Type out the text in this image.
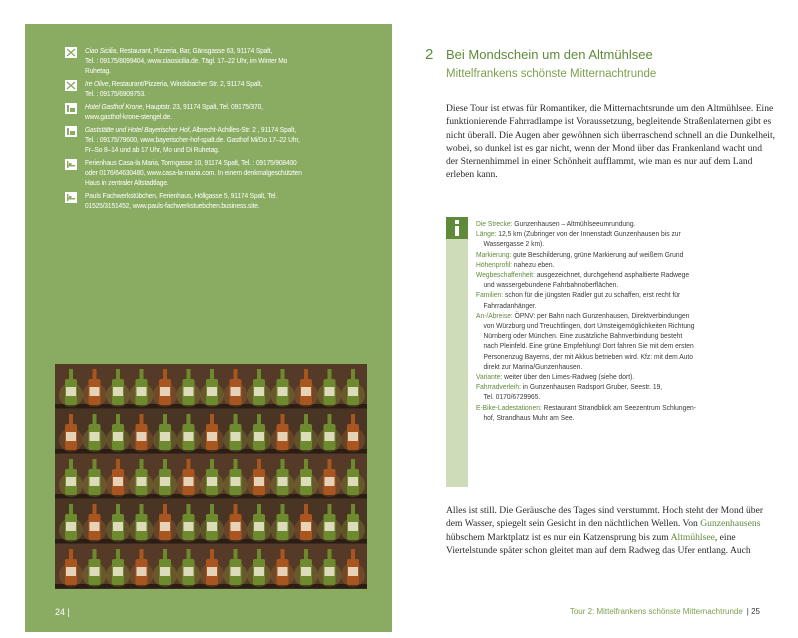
Ciao Sicilia, Restaurant, Pizzeria, Bar, Gänsgasse 63, 91174 Spalt,
Tel. : 09175/8099404, www.ciaosicilia.de. Tägl. 17–22 Uhr, im Winter Mo
Ruhetag.
Ire Olive, Restaurant/Pizzeria, Windsbacher Str. 2, 91174 Spalt,
Tel. : 09175/6909753.
Hotel Gasthof Krone, Hauptstr. 23, 91174 Spalt, Tel. 09175/370,
www.gasthof-krone-stengel.de.
Gaststätte und Hotel Bayerischer Hof, Albrecht-Achilles-Str. 2 , 91174 Spalt,
Tel. : 09175/79600, www.bayerischer-hof-spalt.de. Gasthof Mi/Do 17–22 Uhr,
Fr–So 8–14 und ab 17 Uhr, Mo und Di Ruhetag.
Ferienhaus Casa-la Maria, Torrngasse 10, 91174 Spalt, Tel. : 09175/908400
oder 0176/64630480, www.casa-la-maria.com. In einem denkmalgeschützten
Haus in zentraler Altstadtlage.
Pauls Fachwerkstübchen, Ferienhaus, Höllgasse 5, 91174 Spalt, Tel.
01525/3151452, www.pauls-fachwerkstuebchen.business.site.
24 |
2 Bei Mondschein um den Altmühlsee
Mittelfrankens schönste Mitternachtrunde
Diese Tour ist etwas für Romantiker, die Mitternachtsrunde um den Altmühlsee. Eine funktionierende Fahrradlampe ist Voraussetzung, begleitende Straßenlaternen gibt es nicht überall. Die Augen aber gewöhnen sich überraschend schnell an die Dunkelheit, wobei, so dunkel ist es gar nicht, wenn der Mond über das Frankenland wacht und der Sternenhimmel in einer Schönheit aufflammt, wie man es nur auf dem Land erleben kann.
Die Strecke: Gunzenhausen – Altmühlseeumrundung.
Länge: 12,5 km (Zubringer von der Innenstadt Gunzenhausen bis zur
Wassergasse 2 km).
Markierung: gute Beschilderung, grüne Markierung auf weißem Grund
Höhenprofil: nahezu eben.
Wegbeschaffenheit: ausgezeichnet, durchgehend asphaltierte Radwege
und wassergebundene Fahrbahnoberflächen.
Familien: schon für die jüngsten Radler gut zu schaffen, erst recht für
Fahrradanhänger.
An-/Abreise: ÖPNV: per Bahn nach Gunzenhausen, Direktverbindungen
von Würzburg und Treuchtlingen, dort Umsteigemöglichkeiten Richtung
Nürnberg oder München. Eine zusätzliche Bahnverbindung besteht
nach Pleinfeld. Eine grüne Empfehlung! Dort fahren Sie mit dem ersten
Personenzug Bayerns, der mit Akkus betrieben wird. Kfz: mit dem Auto
direkt zur Marina/Gunzenhausen.
Variante: weiter über den Limes-Radweg (siehe dort).
Fahrradverleih: in Gunzenhausen Radsport Gruber, Seestr. 19,
Tel. 0170/6729965.
E-Bike-Ladestationen: Restaurant Strandblick am Seezentrum Schlungen-
hof, Strandhaus Muhr am See.
Alles ist still. Die Geräusche des Tages sind verstummt. Hoch steht der Mond über dem Wasser, spiegelt sein Gesicht in den nächtlichen Wellen. Von Gunzenhausens hübschem Marktplatz ist es nur ein Katzensprung bis zum Altmühlsee, eine Viertelstunde später schon gleitet man auf dem Radweg das Ufer entlang. Auch
Tour 2: Mittelfrankens schönste Mitternachtrunde | 25
